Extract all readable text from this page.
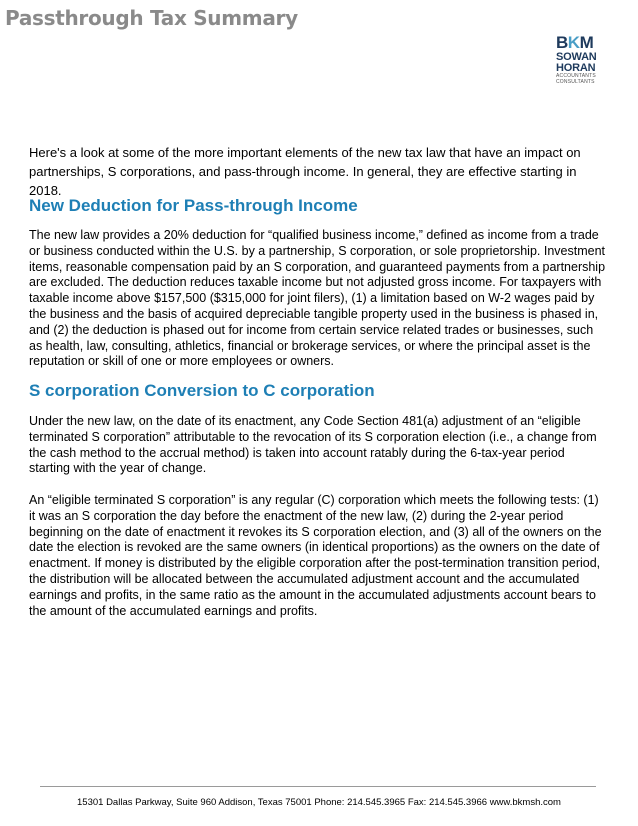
Passthrough Tax Summary
BKM
SOWAN
HORAN
ACCOUNTANTS
CONSULTANTS

Here's a look at some of the more important elements of the new tax law that have an impact on partnerships, S corporations, and pass-through income. In general, they are effective starting in 2018.

New Deduction for Pass-through Income

The new law provides a 20% deduction for “qualified business income,” defined as income from a trade or business conducted within the U.S. by a partnership, S corporation, or sole proprietorship. Investment items, reasonable compensation paid by an S corporation, and guaranteed payments from a partnership are excluded. The deduction reduces taxable income but not adjusted gross income. For taxpayers with taxable income above $157,500 ($315,000 for joint filers), (1) a limitation based on W-2 wages paid by the business and the basis of acquired depreciable tangible property used in the business is phased in, and (2) the deduction is phased out for income from certain service related trades or businesses, such as health, law, consulting, athletics, financial or brokerage services, or where the principal asset is the reputation or skill of one or more employees or owners.

S corporation Conversion to C corporation

Under the new law, on the date of its enactment, any Code Section 481(a) adjustment of an “eligible terminated S corporation” attributable to the revocation of its S corporation election (i.e., a change from the cash method to the accrual method) is taken into account ratably during the 6-tax-year period starting with the year of change.

An “eligible terminated S corporation” is any regular (C) corporation which meets the following tests: (1) it was an S corporation the day before the enactment of the new law, (2) during the 2-year period beginning on the date of enactment it revokes its S corporation election, and (3) all of the owners on the date the election is revoked are the same owners (in identical proportions) as the owners on the date of enactment. If money is distributed by the eligible corporation after the post-termination transition period, the distribution will be allocated between the accumulated adjustment account and the accumulated earnings and profits, in the same ratio as the amount in the accumulated adjustments account bears to the amount of the accumulated earnings and profits.

15301 Dallas Parkway, Suite 960 Addison, Texas 75001 Phone: 214.545.3965 Fax: 214.545.3966 www.bkmsh.com
